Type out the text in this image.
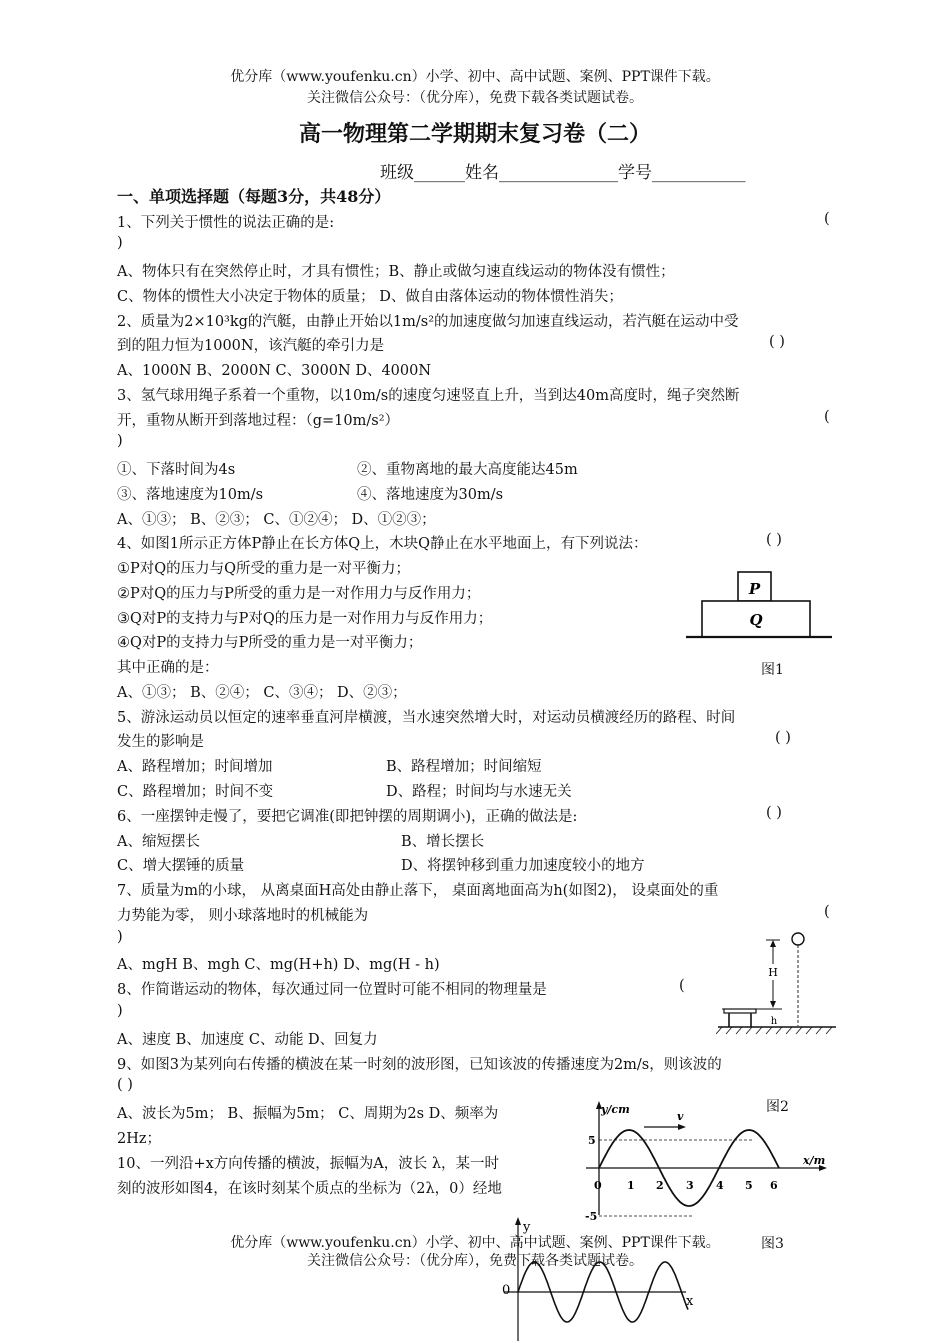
优分库（www.youfenku.cn）小学、初中、高中试题、案例、PPT课件下载。
关注微信公众号：（优分库），免费下载各类试题试卷。
高一物理第二学期期末复习卷（二）
班级______姓名______________学号___________
一、单项选择题（每题3分，共48分）
1、下列关于惯性的说法正确的是:	(
)
A、物体只有在突然停止时，才具有惯性；B、静止或做匀速直线运动的物体没有惯性；
C、物体的惯性大小决定于物体的质量； D、做自由落体运动的物体惯性消失；
2、质量为2×10³kg的汽艇，由静止开始以1m/s²的加速度做匀加速直线运动，若汽艇在运动中受
到的阻力恒为1000N，该汽艇的牵引力是	( )
A、1000N B、2000N C、3000N D、4000N
3、氢气球用绳子系着一个重物，以10m/s的速度匀速竖直上升，当到达40m高度时，绳子突然断
开，重物从断开到落地过程：（g=10m/s²）	(
)
①、下落时间为4s	②、重物离地的最大高度能达45m
③、落地速度为10m/s	④、落地速度为30m/s
A、①③； B、②③； C、①②④； D、①②③；
4、如图1所示正方体P静止在长方体Q上，木块Q静止在水平地面上，有下列说法：	( )
①P对Q的压力与Q所受的重力是一对平衡力；
②P对Q的压力与P所受的重力是一对作用力与反作用力；
③Q对P的支持力与P对Q的压力是一对作用力与反作用力；
④Q对P的支持力与P所受的重力是一对平衡力；
其中正确的是：
A、①③； B、②④； C、③④； D、②③；
5、游泳运动员以恒定的速率垂直河岸横渡，当水速突然增大时，对运动员横渡经历的路程、时间
发生的影响是	( )
A、路程增加；时间增加	B、路程增加；时间缩短
C、路程增加；时间不变	D、路程；时间均与水速无关
6、一座摆钟走慢了，要把它调准(即把钟摆的周期调小)，正确的做法是:	( )
A、缩短摆长	B、增长摆长
C、增大摆锤的质量	D、将摆钟移到重力加速度较小的地方
7、质量为m的小球， 从离桌面H高处由静止落下， 桌面离地面高为h(如图2)， 设桌面处的重
力势能为零， 则小球落地时的机械能为	(
)
A、mgH B、mgh C、mg(H+h) D、mg(H - h)
8、作简谐运动的物体，每次通过同一位置时可能不相同的物理量是	(
)
A、速度 B、加速度 C、动能 D、回复力
9、如图3为某列向右传播的横波在某一时刻的波形图，已知该波的传播速度为2m/s，则该波的
( )
A、波长为5m； B、振幅为5m； C、周期为2s D、频率为
2Hz；
10、一列沿+x方向传播的横波，振幅为A，波长 λ，某一时
刻的波形如图4，在该时刻某个质点的坐标为（2λ，0）经地
P
Q
图1
H
h
图2
y/cm
x/m
v
5
-5
0 1 2 3 4 5 6
图3
y
x
0
优分库（www.youfenku.cn）小学、初中、高中试题、案例、PPT课件下载。
关注微信公众号：（优分库），免费下载各类试题试卷。
